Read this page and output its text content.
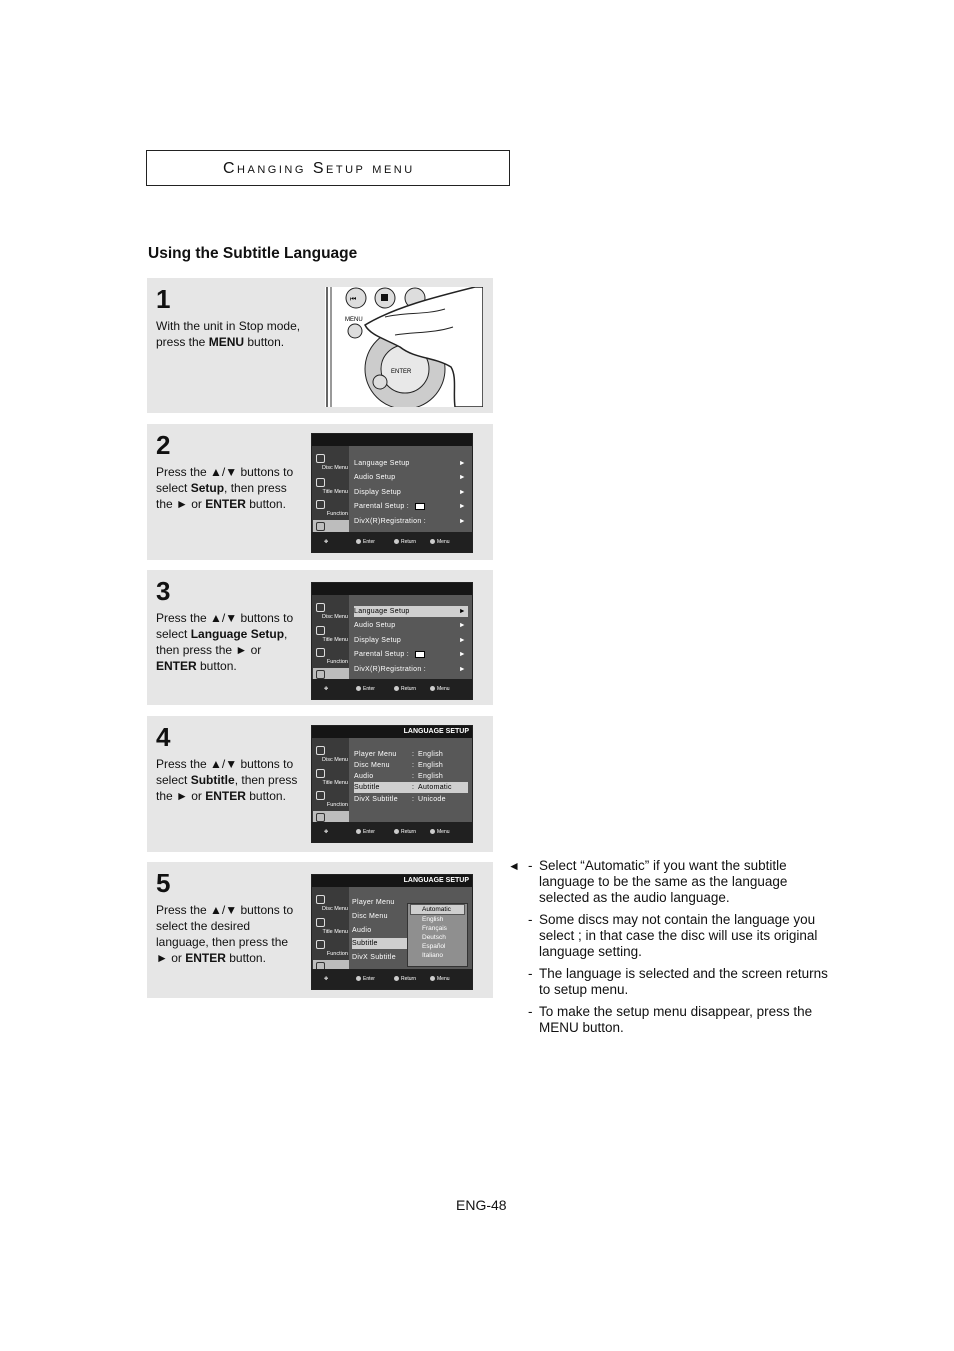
Changing Setup menu
Using the Subtitle Language
1
With the unit in Stop mode, press the MENU button.
⏮
MENU
ENTER
2
Press the ▲/▼ buttons to select Setup, then press the ► or ENTER button.
Disc Menu
Title Menu
Function
Language Setup	►
Audio Setup	►
Display Setup	►
Parental Setup :	►
DivX(R)Registration :	►
✥	Enter	Return	Menu
3
Press the ▲/▼ buttons to select Language Setup, then press the ► or ENTER button.
Disc Menu
Title Menu
Function
Language Setup	►
Audio Setup	►
Display Setup	►
Parental Setup :	►
DivX(R)Registration :	►
✥	Enter	Return	Menu
4
Press the ▲/▼ buttons to select Subtitle, then press the ► or ENTER button.
LANGUAGE SETUP
Disc Menu
Title Menu
Function
Player Menu : English
Disc Menu	: English
Audio	: English
Subtitle	: Automatic
DivX Subtitle : Unicode
✥	Enter	Return	Menu
5
Press the ▲/▼ buttons to select the desired language, then press the ► or ENTER button.
LANGUAGE SETUP
Disc Menu
Title Menu
Function
Player Menu
Disc Menu
Audio
Subtitle
DivX Subtitle
Automatic
English
Français
Deutsch
Español
Italiano
✥	Enter	Return	Menu
◄ - Select “Automatic” if you want the subtitle language to be the same as the language selected as the audio language.
- Some discs may not contain the language you select ; in that case the disc will use its original language setting.
- The language is selected and the screen returns to setup menu.
- To make the setup menu disappear, press the MENU button.
ENG-48
